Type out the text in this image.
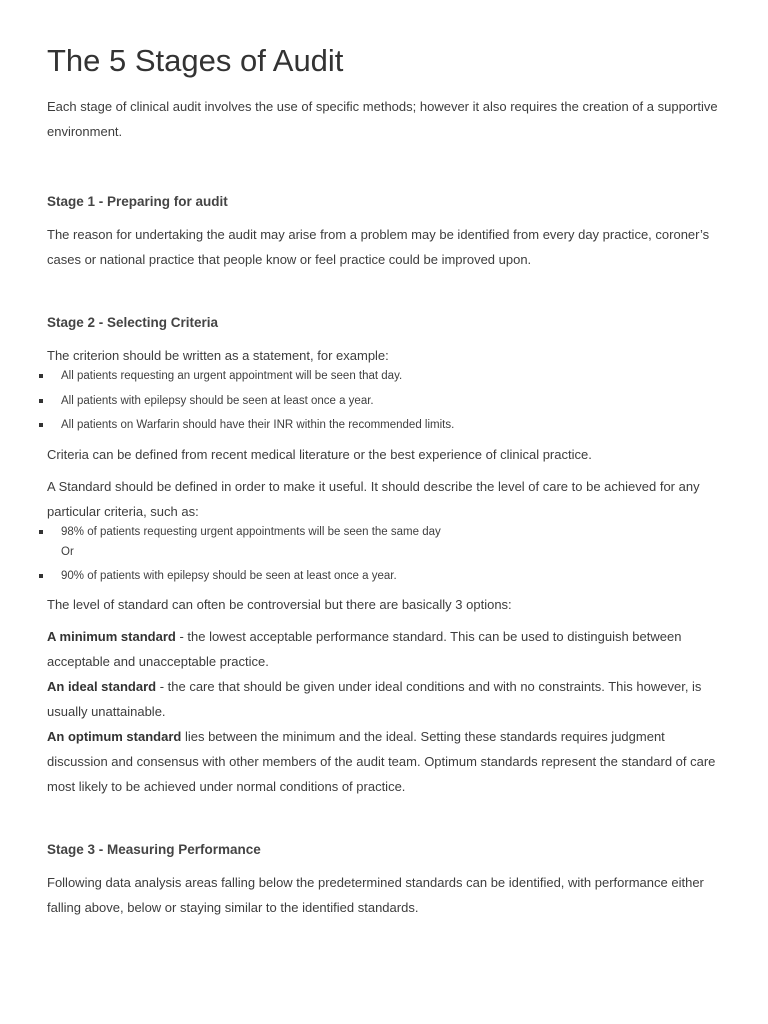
The 5 Stages of Audit

Each stage of clinical audit involves the use of specific methods; however it also requires the creation of a supportive environment.

Stage 1 - Preparing for audit

The reason for undertaking the audit may arise from a problem may be identified from every day practice, coroner’s cases or national practice that people know or feel practice could be improved upon.

Stage 2 - Selecting Criteria

The criterion should be written as a statement, for example:

All patients requesting an urgent appointment will be seen that day.
All patients with epilepsy should be seen at least once a year.
All patients on Warfarin should have their INR within the recommended limits.

Criteria can be defined from recent medical literature or the best experience of clinical practice.

A Standard should be defined in order to make it useful. It should describe the level of care to be achieved for any particular criteria, such as:

98% of patients requesting urgent appointments will be seen the same day
Or
90% of patients with epilepsy should be seen at least once a year.

The level of standard can often be controversial but there are basically 3 options:

A minimum standard - the lowest acceptable performance standard. This can be used to distinguish between acceptable and unacceptable practice.

An ideal standard - the care that should be given under ideal conditions and with no constraints. This however, is usually unattainable.

An optimum standard lies between the minimum and the ideal. Setting these standards requires judgment discussion and consensus with other members of the audit team. Optimum standards represent the standard of care most likely to be achieved under normal conditions of practice.

Stage 3 - Measuring Performance

Following data analysis areas falling below the predetermined standards can be identified, with performance either falling above, below or staying similar to the identified standards.
